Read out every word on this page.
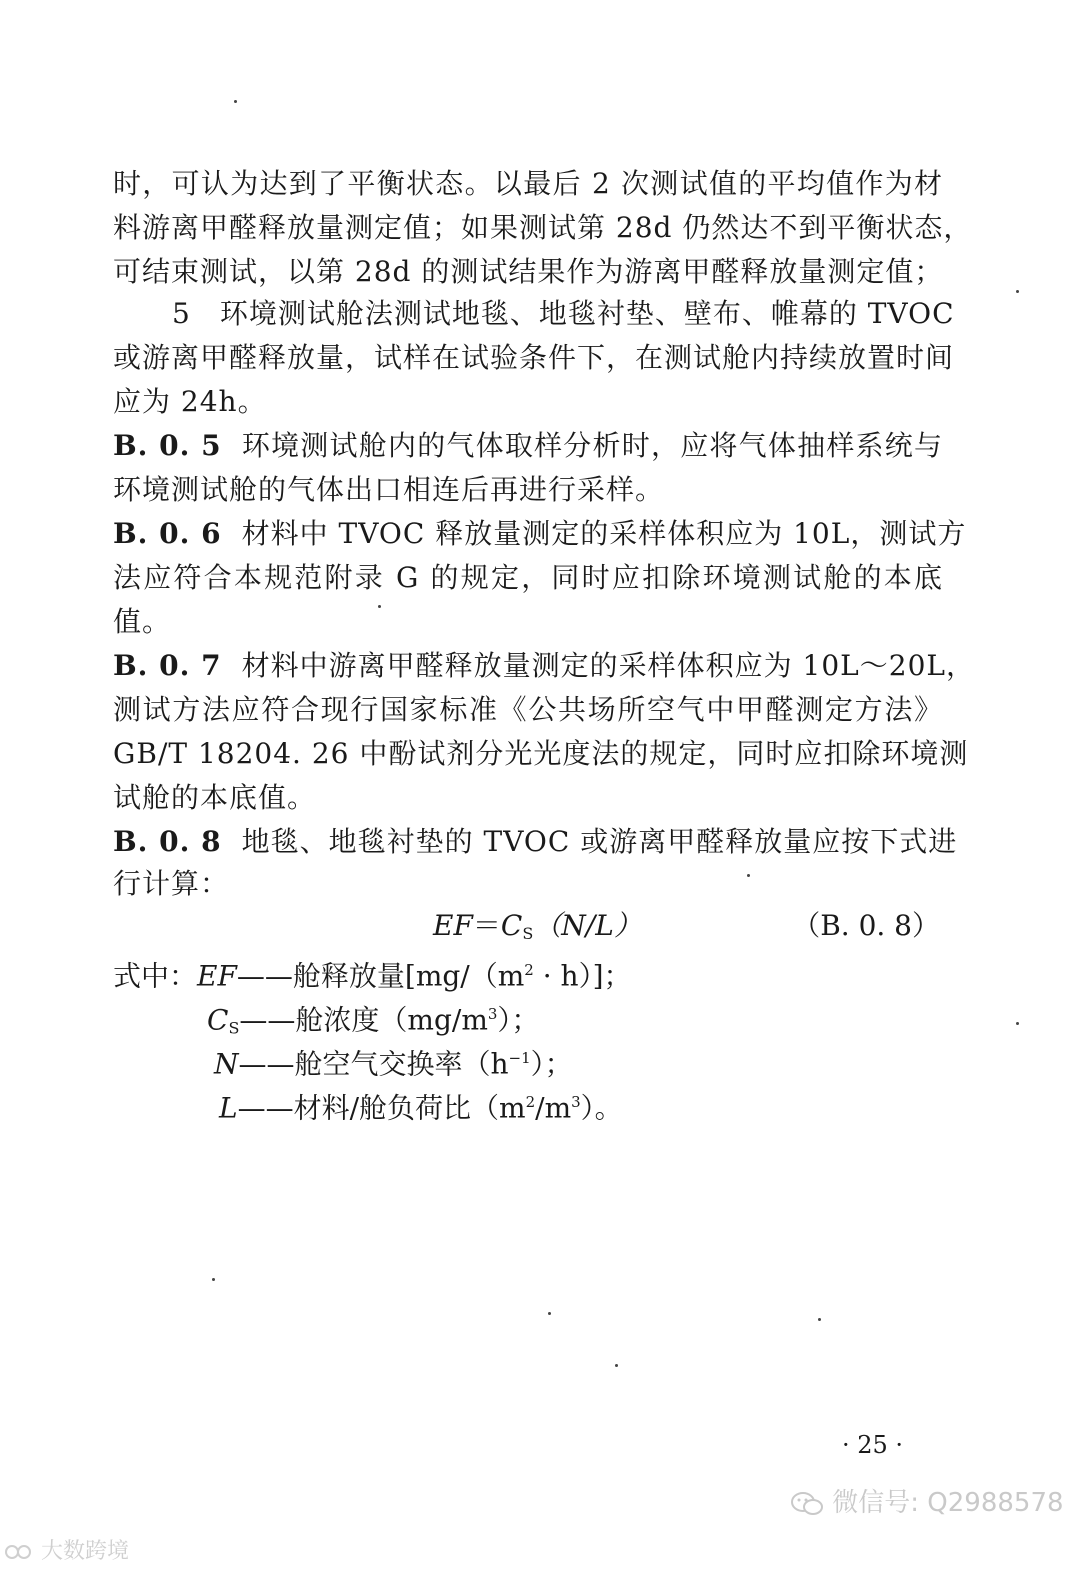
时，可认为达到了平衡状态。以最后 2 次测试值的平均值作为材
料游离甲醛释放量测定值；如果测试第 28d 仍然达不到平衡状态，
可结束测试，以第 28d 的测试结果作为游离甲醛释放量测定值；
5　环境测试舱法测试地毯、地毯衬垫、壁布、帷幕的 TVOC
或游离甲醛释放量，试样在试验条件下，在测试舱内持续放置时间
应为 24h。
B. 0. 5 环境测试舱内的气体取样分析时，应将气体抽样系统与
环境测试舱的气体出口相连后再进行采样。
B. 0. 6 材料中 TVOC 释放量测定的采样体积应为 10L，测试方
法应符合本规范附录 G 的规定，同时应扣除环境测试舱的本底
值。
B. 0. 7 材料中游离甲醛释放量测定的采样体积应为 10L～20L，
测试方法应符合现行国家标准《公共场所空气中甲醛测定方法》
GB/T 18204. 26 中酚试剂分光光度法的规定，同时应扣除环境测
试舱的本底值。
B. 0. 8 地毯、地毯衬垫的 TVOC 或游离甲醛释放量应按下式进
行计算：
$EF=C_S(N/L)$	（B. 0. 8）
式中：EF——舱释放量$[mg/(m^2 \cdot h)]$；
$C_S——$舱浓度$(mg/m^3)$；
N——舱空气交换率$(h^{-1})$；
L——材料/舱负荷比$(m^2/m^3)$。
· 25 ·
微信号: Q2988578
大数跨境
